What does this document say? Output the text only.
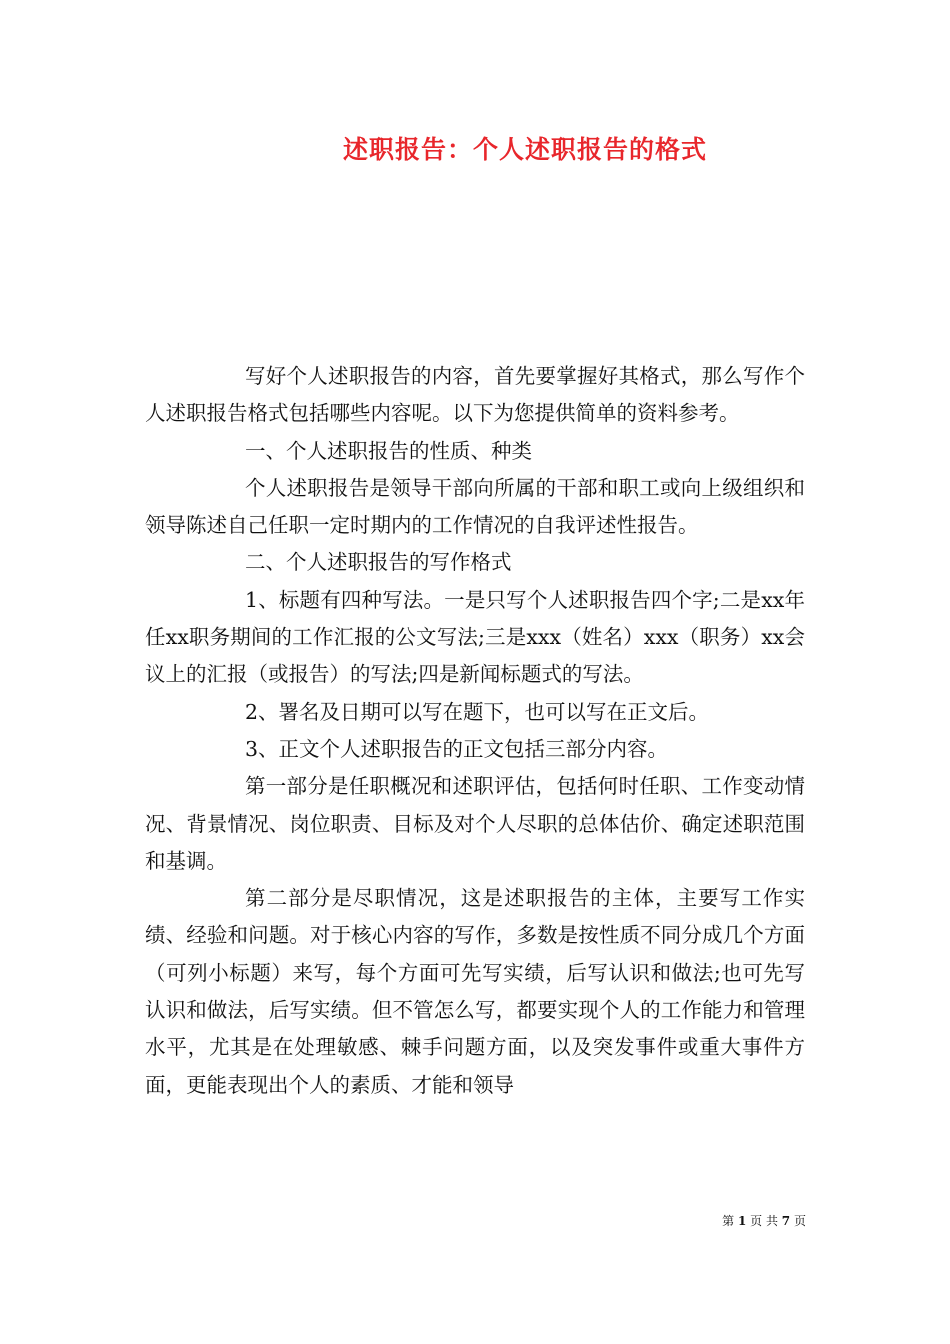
述职报告：个人述职报告的格式

写好个人述职报告的内容，首先要掌握好其格式，那么写作个人述职报告格式包括哪些内容呢。以下为您提供简单的资料参考。

一、个人述职报告的性质、种类

个人述职报告是领导干部向所属的干部和职工或向上级组织和领导陈述自己任职一定时期内的工作情况的自我评述性报告。

二、个人述职报告的写作格式

1、标题有四种写法。一是只写个人述职报告四个字;二是xx年任xx职务期间的工作汇报的公文写法;三是xxx（姓名）xxx（职务）xx会议上的汇报（或报告）的写法;四是新闻标题式的写法。

2、署名及日期可以写在题下，也可以写在正文后。

3、正文个人述职报告的正文包括三部分内容。

第一部分是任职概况和述职评估，包括何时任职、工作变动情况、背景情况、岗位职责、目标及对个人尽职的总体估价、确定述职范围和基调。

第二部分是尽职情况，这是述职报告的主体，主要写工作实绩、经验和问题。对于核心内容的写作，多数是按性质不同分成几个方面（可列小标题）来写，每个方面可先写实绩，后写认识和做法;也可先写认识和做法，后写实绩。但不管怎么写，都要实现个人的工作能力和管理水平，尤其是在处理敏感、棘手问题方面，以及突发事件或重大事件方面，更能表现出个人的素质、才能和领导

第 1 页 共 7 页
